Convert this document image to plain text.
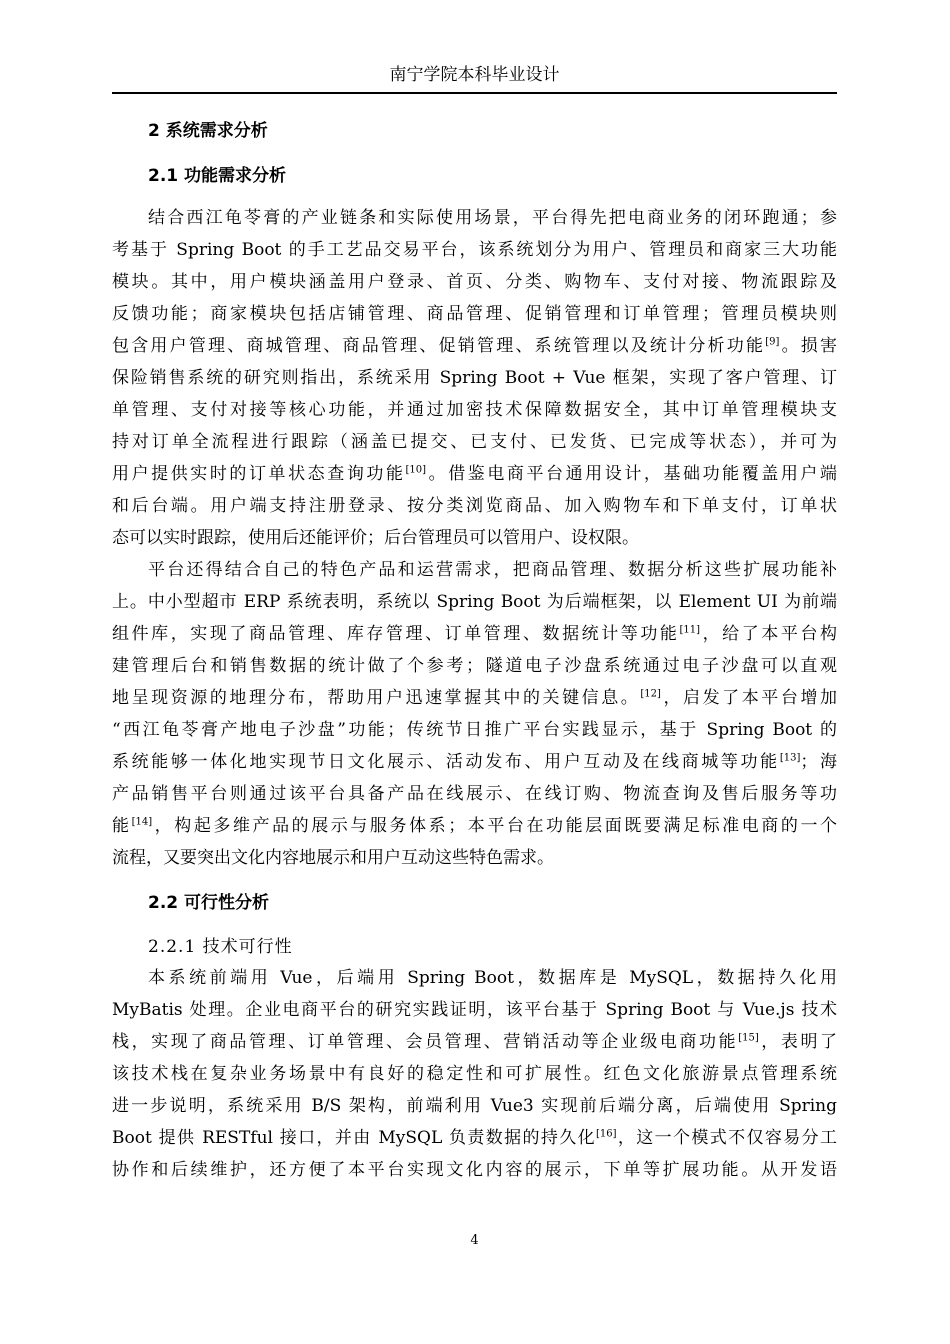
南宁学院本科毕业设计
2 系统需求分析
2.1 功能需求分析
结合西江龟苓膏的产业链条和实际使用场景，平台得先把电商业务的闭环跑通；参
考基于 Spring Boot 的手工艺品交易平台，该系统划分为用户、管理员和商家三大功能
模块。其中，用户模块涵盖用户登录、首页、分类、购物车、支付对接、物流跟踪及
反馈功能；商家模块包括店铺管理、商品管理、促销管理和订单管理；管理员模块则
包含用户管理、商城管理、商品管理、促销管理、系统管理以及统计分析功能[9]。损害
保险销售系统的研究则指出，系统采用 Spring Boot + Vue 框架，实现了客户管理、订
单管理、支付对接等核心功能，并通过加密技术保障数据安全，其中订单管理模块支
持对订单全流程进行跟踪（涵盖已提交、已支付、已发货、已完成等状态），并可为
用户提供实时的订单状态查询功能[10]。借鉴电商平台通用设计，基础功能覆盖用户端
和后台端。用户端支持注册登录、按分类浏览商品、加入购物车和下单支付，订单状
态可以实时跟踪，使用后还能评价；后台管理员可以管用户、设权限。
平台还得结合自己的特色产品和运营需求，把商品管理、数据分析这些扩展功能补
上。中小型超市 ERP 系统表明，系统以 Spring Boot 为后端框架，以 Element UI 为前端
组件库，实现了商品管理、库存管理、订单管理、数据统计等功能[11]，给了本平台构
建管理后台和销售数据的统计做了个参考；隧道电子沙盘系统通过电子沙盘可以直观
地呈现资源的地理分布，帮助用户迅速掌握其中的关键信息。[12]，启发了本平台增加
“西江龟苓膏产地电子沙盘”功能；传统节日推广平台实践显示，基于 Spring Boot 的
系统能够一体化地实现节日文化展示、活动发布、用户互动及在线商城等功能[13]；海
产品销售平台则通过该平台具备产品在线展示、在线订购、物流查询及售后服务等功
能[14]，构起多维产品的展示与服务体系；本平台在功能层面既要满足标准电商的一个
流程，又要突出文化内容地展示和用户互动这些特色需求。
2.2 可行性分析
2.2.1 技术可行性
本系统前端用 Vue，后端用 Spring Boot，数据库是 MySQL，数据持久化用
MyBatis 处理。企业电商平台的研究实践证明，该平台基于 Spring Boot 与 Vue.js 技术
栈，实现了商品管理、订单管理、会员管理、营销活动等企业级电商功能[15]，表明了
该技术栈在复杂业务场景中有良好的稳定性和可扩展性。红色文化旅游景点管理系统
进一步说明，系统采用 B/S 架构，前端利用 Vue3 实现前后端分离，后端使用 Spring
Boot 提供 RESTful 接口，并由 MySQL 负责数据的持久化[16]，这一个模式不仅容易分工
协作和后续维护，还方便了本平台实现文化内容的展示，下单等扩展功能。从开发语
4
